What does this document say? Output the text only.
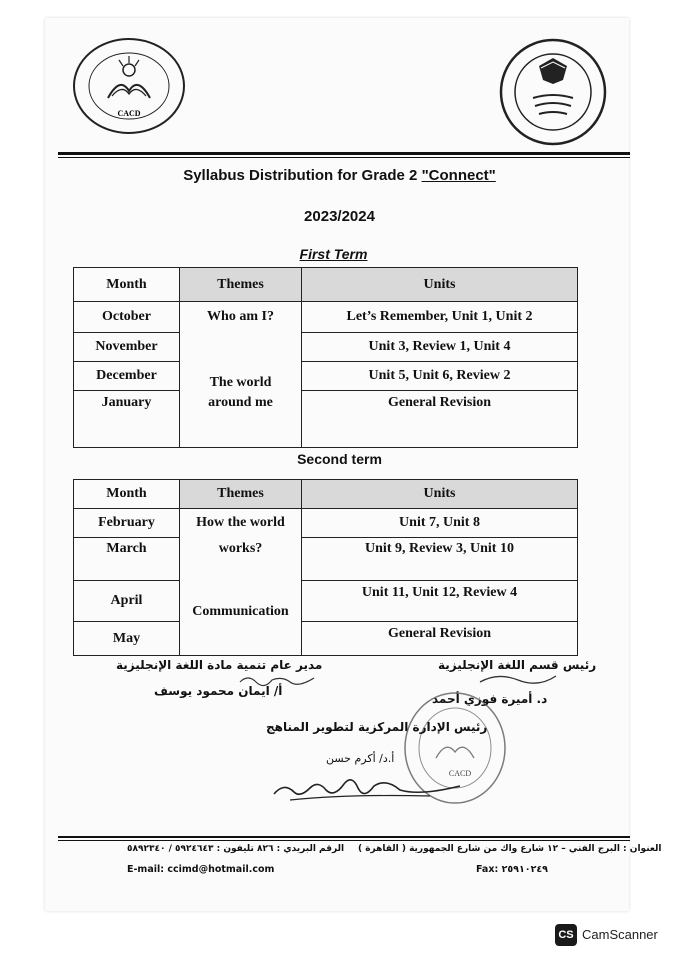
CACD
Syllabus Distribution for Grade 2 "Connect"
2023/2024
First Term
Month	Themes	Units
October	Who am I?	Let’s Remember, Unit 1, Unit 2
November		Unit 3, Review 1, Unit 4
December	The world	Unit 5, Unit 6, Review 2
January	around me	General Revision
Second term
Month	Themes	Units
February	How the world	Unit 7, Unit 8
March	works?	Unit 9, Review 3, Unit 10
April	Communication	Unit 11, Unit 12, Review 4
May		General Revision
مدير عام تنمية مادة اللغة الإنجليزية	رئيس قسم اللغة الإنجليزية
أ/ ايمان محمود يوسف
د. أميرة فوزي أحمد
CACD
رئيس الإدارة المركزية لتطوير المناهج
أ.د/ أكرم حسن
الرقم البريدي : ٨٢٦ تليفون : ٥٩٢٤٦٤٣ / ٥٨٩٢٣٤٠ العنوان : البرج الفني – ١٢ شارع واك من شارع الجمهورية ( القاهرة )
E-mail: ccimd@hotmail.com	Fax: ٢٥٩١٠٢٤٩
CS CamScanner
